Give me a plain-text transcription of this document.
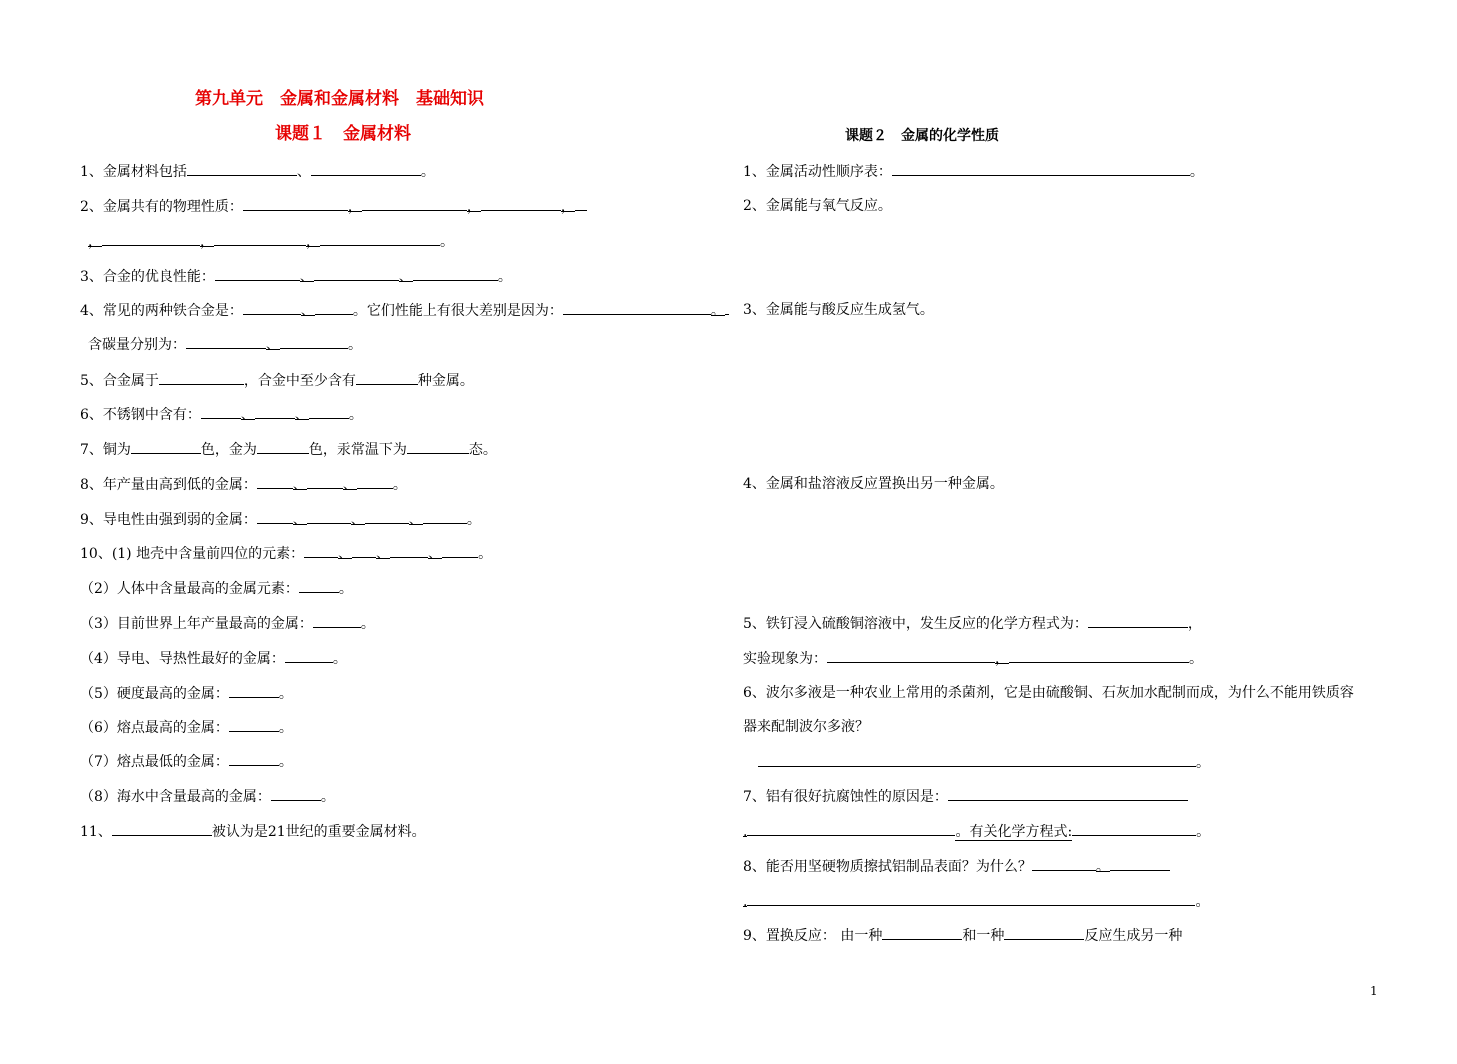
第九单元　金属和金属材料　基础知识
课题１　金属材料	课题２　金属的化学性质
1、金属材料包括	、	。
2、金属共有的物理性质：	，	，	，
，	，	，	。
3、合金的优良性能：	、	、	。
4、常见的两种铁合金是：	、	。它们性能上有很大差别是因为：	。
含碳量分别为：	、	。
5、合金属于	，合金中至少含有	种金属。
6、不锈钢中含有：	、	、	。
7、铜为	色，金为	色，汞常温下为	态。
8、年产量由高到低的金属：	、	、	。
9、导电性由强到弱的金属：	、	、	、	。
10、(1) 地壳中含量前四位的元素： 、 、	、	。
（2）人体中含量最高的金属元素：	。
（3）目前世界上年产量最高的金属：	。
（4）导电、导热性最好的金属：	。
（5）硬度最高的金属：	。
（6）熔点最高的金属：	。
（7）熔点最低的金属：	。
（8）海水中含量最高的金属：	。
11、	被认为是21世纪的重要金属材料。
1、金属活动性顺序表：	。
2、金属能与氧气反应。
3、金属能与酸反应生成氢气。
4、金属和盐溶液反应置换出另一种金属。
5、铁钉浸入硫酸铜溶液中，发生反应的化学方程式为：	，
实验现象为：	，	。
6、波尔多液是一种农业上常用的杀菌剂，它是由硫酸铜、石灰加水配制而成，为什么不能用铁质容
器来配制波尔多液？
。
7、铝有很好抗腐蚀性的原因是：
.	。有关化学方程式:	。
8、能否用坚硬物质擦拭铝制品表面？为什么？	。
.	。
9、置换反应： 由一种	和一种	反应生成另一种
1
